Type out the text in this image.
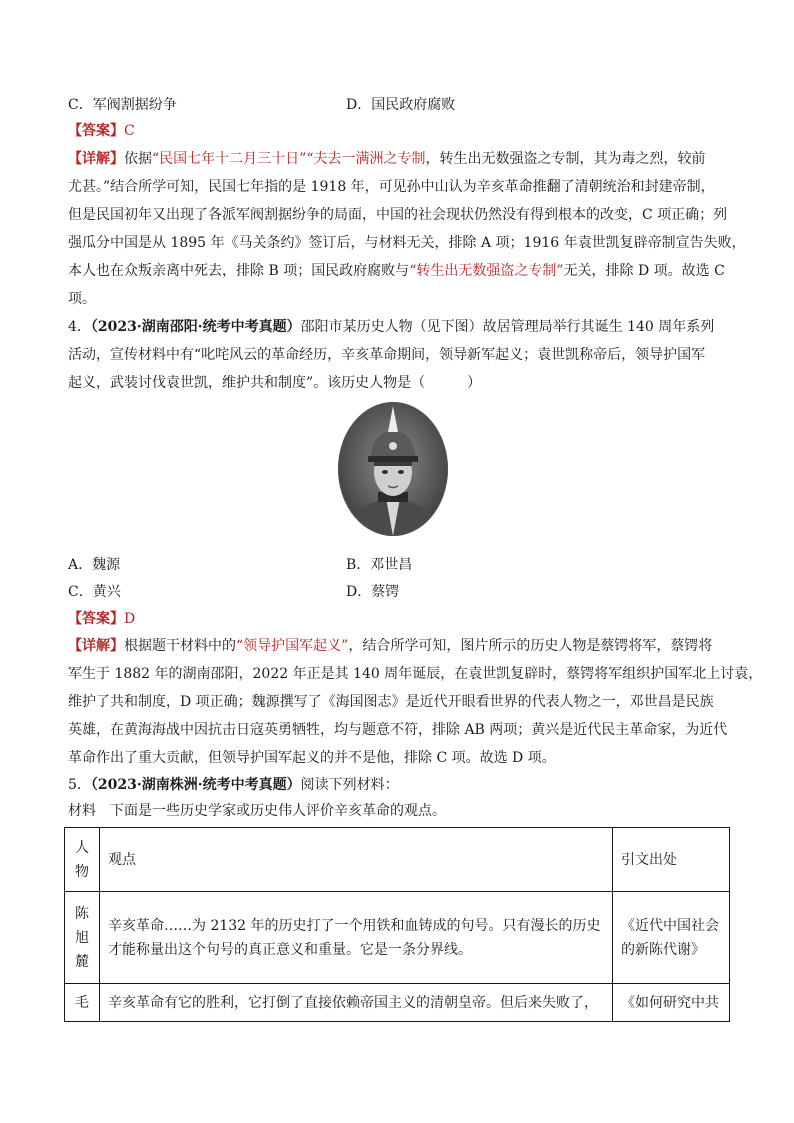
C．军阀割据纷争	D．国民政府腐败
【答案】C
【详解】依据“民国七年十二月三十日”“夫去一满洲之专制，转生出无数强盗之专制，其为毒之烈，较前
尤甚。”结合所学可知，民国七年指的是 1918 年，可见孙中山认为辛亥革命推翻了清朝统治和封建帝制，
但是民国初年又出现了各派军阀割据纷争的局面，中国的社会现状仍然没有得到根本的改变，C 项正确；列
强瓜分中国是从 1895 年《马关条约》签订后，与材料无关，排除 A 项；1916 年袁世凯复辟帝制宣告失败，
本人也在众叛亲离中死去，排除 B 项；国民政府腐败与“转生出无数强盗之专制”无关，排除 D 项。故选 C
项。
4．（2023·湖南邵阳·统考中考真题）邵阳市某历史人物（见下图）故居管理局举行其诞生 140 周年系列
活动，宣传材料中有“叱咤风云的革命经历，辛亥革命期间，领导新军起义；袁世凯称帝后，领导护国军
起义，武装讨伐袁世凯，维护共和制度”。该历史人物是（　　　）
A．魏源	B．邓世昌
C．黄兴	D．蔡锷
【答案】D
【详解】根据题干材料中的“领导护国军起义”，结合所学可知，图片所示的历史人物是蔡锷将军，蔡锷将
军生于 1882 年的湖南邵阳，2022 年正是其 140 周年诞辰，在袁世凯复辟时，蔡锷将军组织护国军北上讨袁，
维护了共和制度，D 项正确；魏源撰写了《海国图志》是近代开眼看世界的代表人物之一，邓世昌是民族
英雄，在黄海海战中因抗击日寇英勇牺牲，均与题意不符，排除 AB 两项；黄兴是近代民主革命家，为近代
革命作出了重大贡献，但领导护国军起义的并不是他，排除 C 项。故选 D 项。
5．（2023·湖南株洲·统考中考真题）阅读下列材料：
材料　下面是一些历史学家或历史伟人评价辛亥革命的观点。
人物	观点	引文出处
陈旭麓	辛亥革命……为 2132 年的历史打了一个用铁和血铸成的句号。只有漫长的历史才能称量出这个句号的真正意义和重量。它是一条分界线。	《近代中国社会的新陈代谢》
毛	辛亥革命有它的胜利，它打倒了直接依赖帝国主义的清朝皇帝。但后来失败了，	《如何研究中共
